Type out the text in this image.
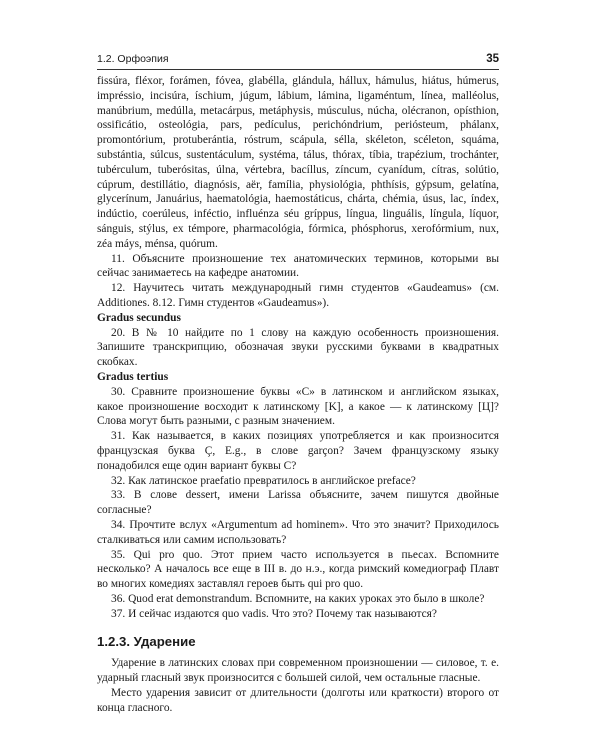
1.2. Орфоэпия	35

fissúra, fléxor, forámen, fóvea, glabélla, glándula, hállux, hámulus, hiátus, húmerus, impréssio, incisúra, íschium, júgum, lábium, lámina, ligaméntum, línea, malléolus, manúbrium, medúlla, metacárpus, metáphysis, músculus, núcha, olécranon, opísthion, ossificátio, osteológia, pars, pedículus, perichóndrium, periósteum, phálanx, promontórium, protuberántia, róstrum, scápula, sélla, skéleton, scéleton, squáma, substántia, súlcus, sustentáculum, systéma, tálus, thórax, tíbia, trapézium, trochánter, tubérculum, tuberósitas, úlna, vértebra, bacíllus, zíncum, cyanídum, cítras, solútio, cúprum, destillátio, diagnósis, aër, família, physiológia, phthísis, gýpsum, gelatína, glycerínum, Januárius, haematológia, haemostáticus, chárta, chémia, úsus, lac, índex, indúctio, coerúleus, inféctio, influénza séu gríppus, língua, linguális, língula, líquor, sánguis, stýlus, ex témpore, pharmacológia, fórmica, phósphorus, xerofórmium, nux, zéa máys, ménsa, quórum.

11. Объясните произношение тех анатомических терминов, которыми вы сейчас занимаетесь на кафедре анатомии.

12. Научитесь читать международный гимн студентов «Gaudeamus» (см. Additiones. 8.12. Гимн студентов «Gaudeamus»).

Gradus secundus

20. В № 10 найдите по 1 слову на каждую особенность произношения. Запишите транскрипцию, обозначая звуки русскими буквами в квадратных скобках.

Gradus tertius

30. Сравните произношение буквы «C» в латинском и английском языках, какое произношение восходит к латинскому [K], а какое — к латинскому [Ц]? Слова могут быть разными, с разным значением.

31. Как называется, в каких позициях употребляется и как произносится французская буква Ç, E.g., в слове garçon? Зачем французскому языку понадобился еще один вариант буквы C?

32. Как латинское praefatio превратилось в английское preface?

33. В слове dessert, имени Larissa объясните, зачем пишутся двойные согласные?

34. Прочтите вслух «Argumentum ad hominem». Что это значит? Приходилось сталкиваться или самим использовать?

35. Qui pro quo. Этот прием часто используется в пьесах. Вспомните несколько? А началось все еще в III в. до н.э., когда римский комедиограф Плавт во многих комедиях заставлял героев быть qui pro quo.

36. Quod erat demonstrandum. Вспомните, на каких уроках это было в школе?

37. И сейчас издаются quo vadis. Что это? Почему так называются?

1.2.3. Ударение

Ударение в латинских словах при современном произношении — силовое, т. е. ударный гласный звук произносится с большей силой, чем остальные гласные.

Место ударения зависит от длительности (долготы или краткости) второго от конца гласного.
